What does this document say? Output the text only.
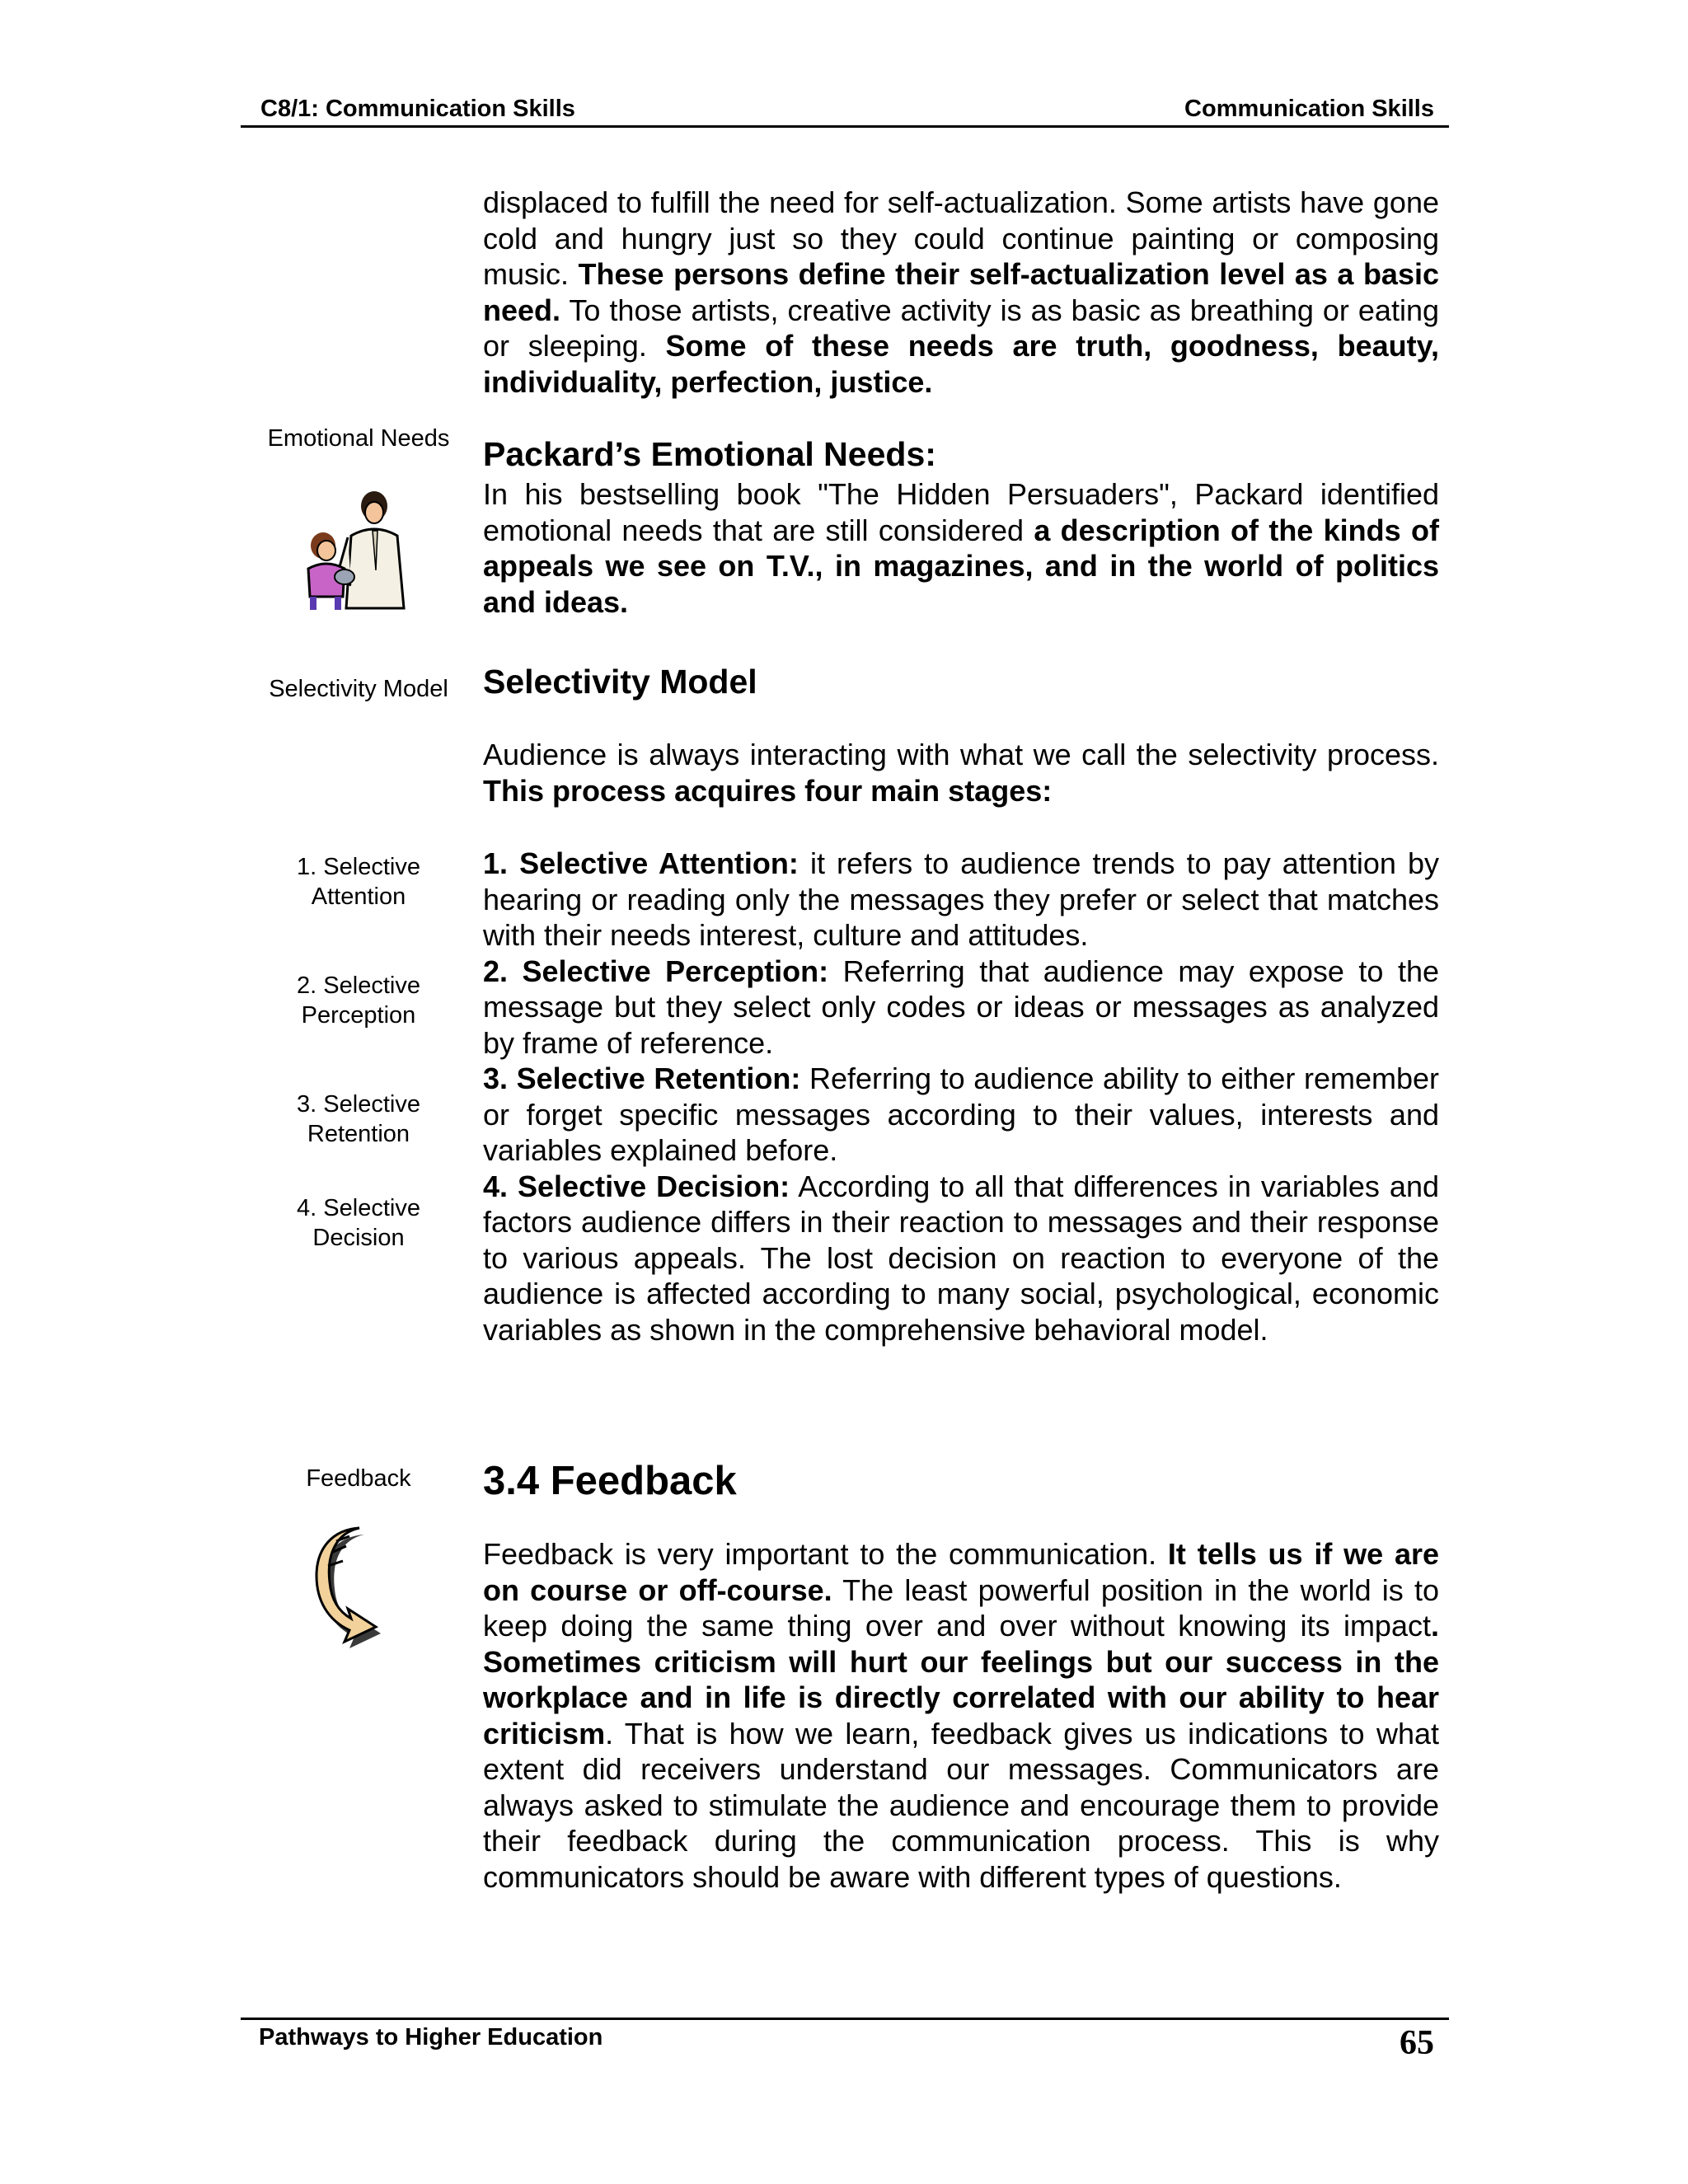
C8/1: Communication Skills	Communication Skills

displaced to fulfill the need for self-actualization. Some artists have gone cold and hungry just so they could continue painting or composing music. These persons define their self-actualization level as a basic need. To those artists, creative activity is as basic as breathing or eating or sleeping. Some of these needs are truth, goodness, beauty, individuality, perfection, justice.

Emotional Needs Packard’s Emotional Needs:

In his bestselling book "The Hidden Persuaders", Packard identified emotional needs that are still considered a description of the kinds of appeals we see on T.V., in magazines, and in the world of politics and ideas.

Selectivity Model	Selectivity Model

Audience is always interacting with what we call the selectivity process. This process acquires four main stages:

1. Selective Attention
2. Selective Perception
3. Selective Retention
4. Selective Decision

1. Selective Attention: it refers to audience trends to pay attention by hearing or reading only the messages they prefer or select that matches with their needs interest, culture and attitudes.

2. Selective Perception: Referring that audience may expose to the message but they select only codes or ideas or messages as analyzed by frame of reference.

3. Selective Retention: Referring to audience ability to either remember or forget specific messages according to their values, interests and variables explained before.

4. Selective Decision: According to all that differences in variables and factors audience differs in their reaction to messages and their response to various appeals. The lost decision on reaction to everyone of the audience is affected according to many social, psychological, economic variables as shown in the comprehensive behavioral model.

Feedback	3.4 Feedback

Feedback is very important to the communication. It tells us if we are on course or off-course. The least powerful position in the world is to keep doing the same thing over and over without knowing its impact. Sometimes criticism will hurt our feelings but our success in the workplace and in life is directly correlated with our ability to hear criticism. That is how we learn, feedback gives us indications to what extent did receivers understand our messages. Communicators are always asked to stimulate the audience and encourage them to provide their feedback during the communication process. This is why communicators should be aware with different types of questions.

Pathways to Higher Education	65
